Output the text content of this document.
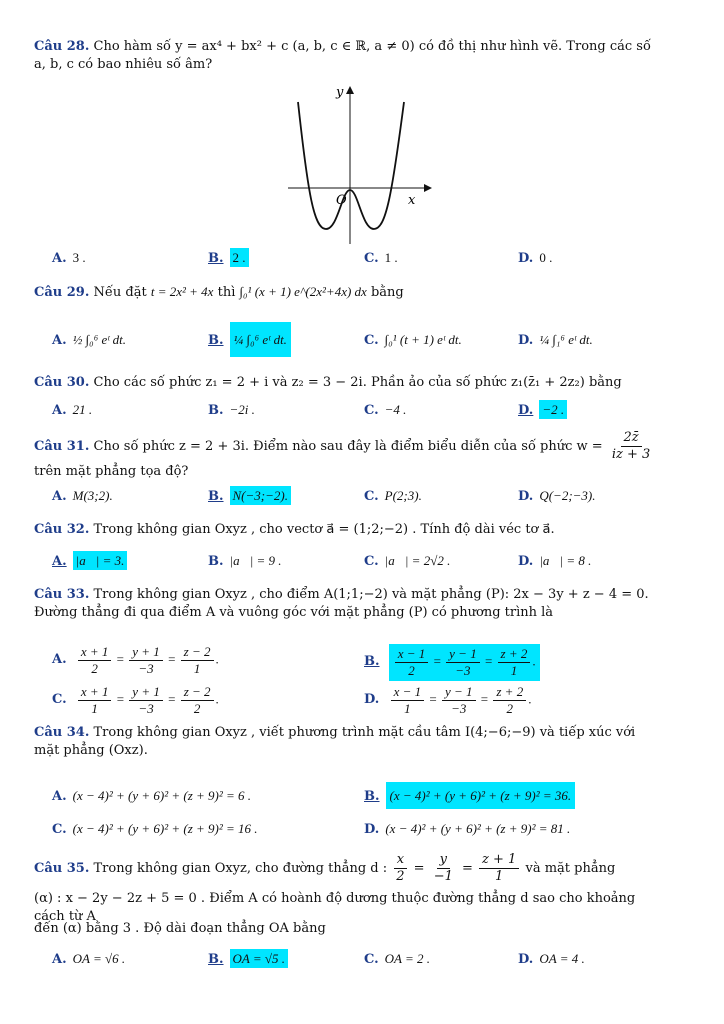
Câu 28. Cho hàm số y = ax⁴ + bx² + c (a, b, c ∈ ℝ, a ≠ 0) có đồ thị như hình vẽ. Trong các số a, b, c có bao nhiêu số âm?
y
x
O
A. 3 .	B. 2 .	C. 1 .	D. 0 .
Câu 29. Nếu đặt t = 2x² + 4x thì ∫₀¹ (x + 1) e^(2x²+4x) dx bằng
A. ½ ∫₀⁶ eᵗ dt.	B. ¼ ∫₀⁶ eᵗ dt.	C. ∫₀¹ (t + 1) eᵗ dt.	D. ¼ ∫₁⁶ eᵗ dt.
Câu 30. Cho các số phức z₁ = 2 + i và z₂ = 3 − 2i. Phần ảo của số phức z₁(z̄₁ + 2z₂) bằng
A. 21 .	B. −2i .	C. −4 .	D. −2 .
Câu 31. Cho số phức z = 2 + 3i. Điểm nào sau đây là điểm biểu diễn của số phức $w = \frac{2z̄}{iz + 3}$
trên mặt phẳng tọa độ?
A. M(3;2).	B. N(−3;−2).	C. P(2;3).	D. Q(−2;−3).
Câu 32. Trong không gian Oxyz , cho vectơ a⃗ = (1;2;−2) . Tính độ dài véc tơ a⃗.
A. |a⃗| = 3.	B. |a⃗| = 9 .	C. |a⃗| = 2√2 .	D. |a⃗| = 8 .
Câu 33. Trong không gian Oxyz , cho điểm A(1;1;−2) và mặt phẳng (P): 2x − 3y + z − 4 = 0. Đường thẳng đi qua điểm A và vuông góc với mặt phẳng (P) có phương trình là
A. $\frac{x + 1}{2} = \frac{y + 1}{-3} = \frac{z - 2}{1}$ .	B. $\frac{x - 1}{2} = \frac{y - 1}{-3} = \frac{z + 2}{1}$ .
C. $\frac{x + 1}{1} = \frac{y + 1}{-3} = \frac{z - 2}{2}$ .	D. $\frac{x - 1}{1} = \frac{y - 1}{-3} = \frac{z + 2}{2}$ .
Câu 34. Trong không gian Oxyz , viết phương trình mặt cầu tâm I(4;−6;−9) và tiếp xúc với mặt phẳng (Oxz).
A. (x − 4)² + (y + 6)² + (z + 9)² = 6 .	B. (x − 4)² + (y + 6)² + (z + 9)² = 36.
C. (x − 4)² + (y + 6)² + (z + 9)² = 16 .	D. (x − 4)² + (y + 6)² + (z + 9)² = 81 .
Câu 35. Trong không gian Oxyz, cho đường thẳng d : $\frac{x}{2} = \frac{y}{-1} = \frac{z + 1}{1}$ và mặt phẳng
(α) : x − 2y − 2z + 5 = 0 . Điểm A có hoành độ dương thuộc đường thẳng d sao cho khoảng cách từ A
đến (α) bằng 3 . Độ dài đoạn thẳng OA bằng
A. OA = √6 .	B. OA = √5 .	C. OA = 2 .	D. OA = 4 .
